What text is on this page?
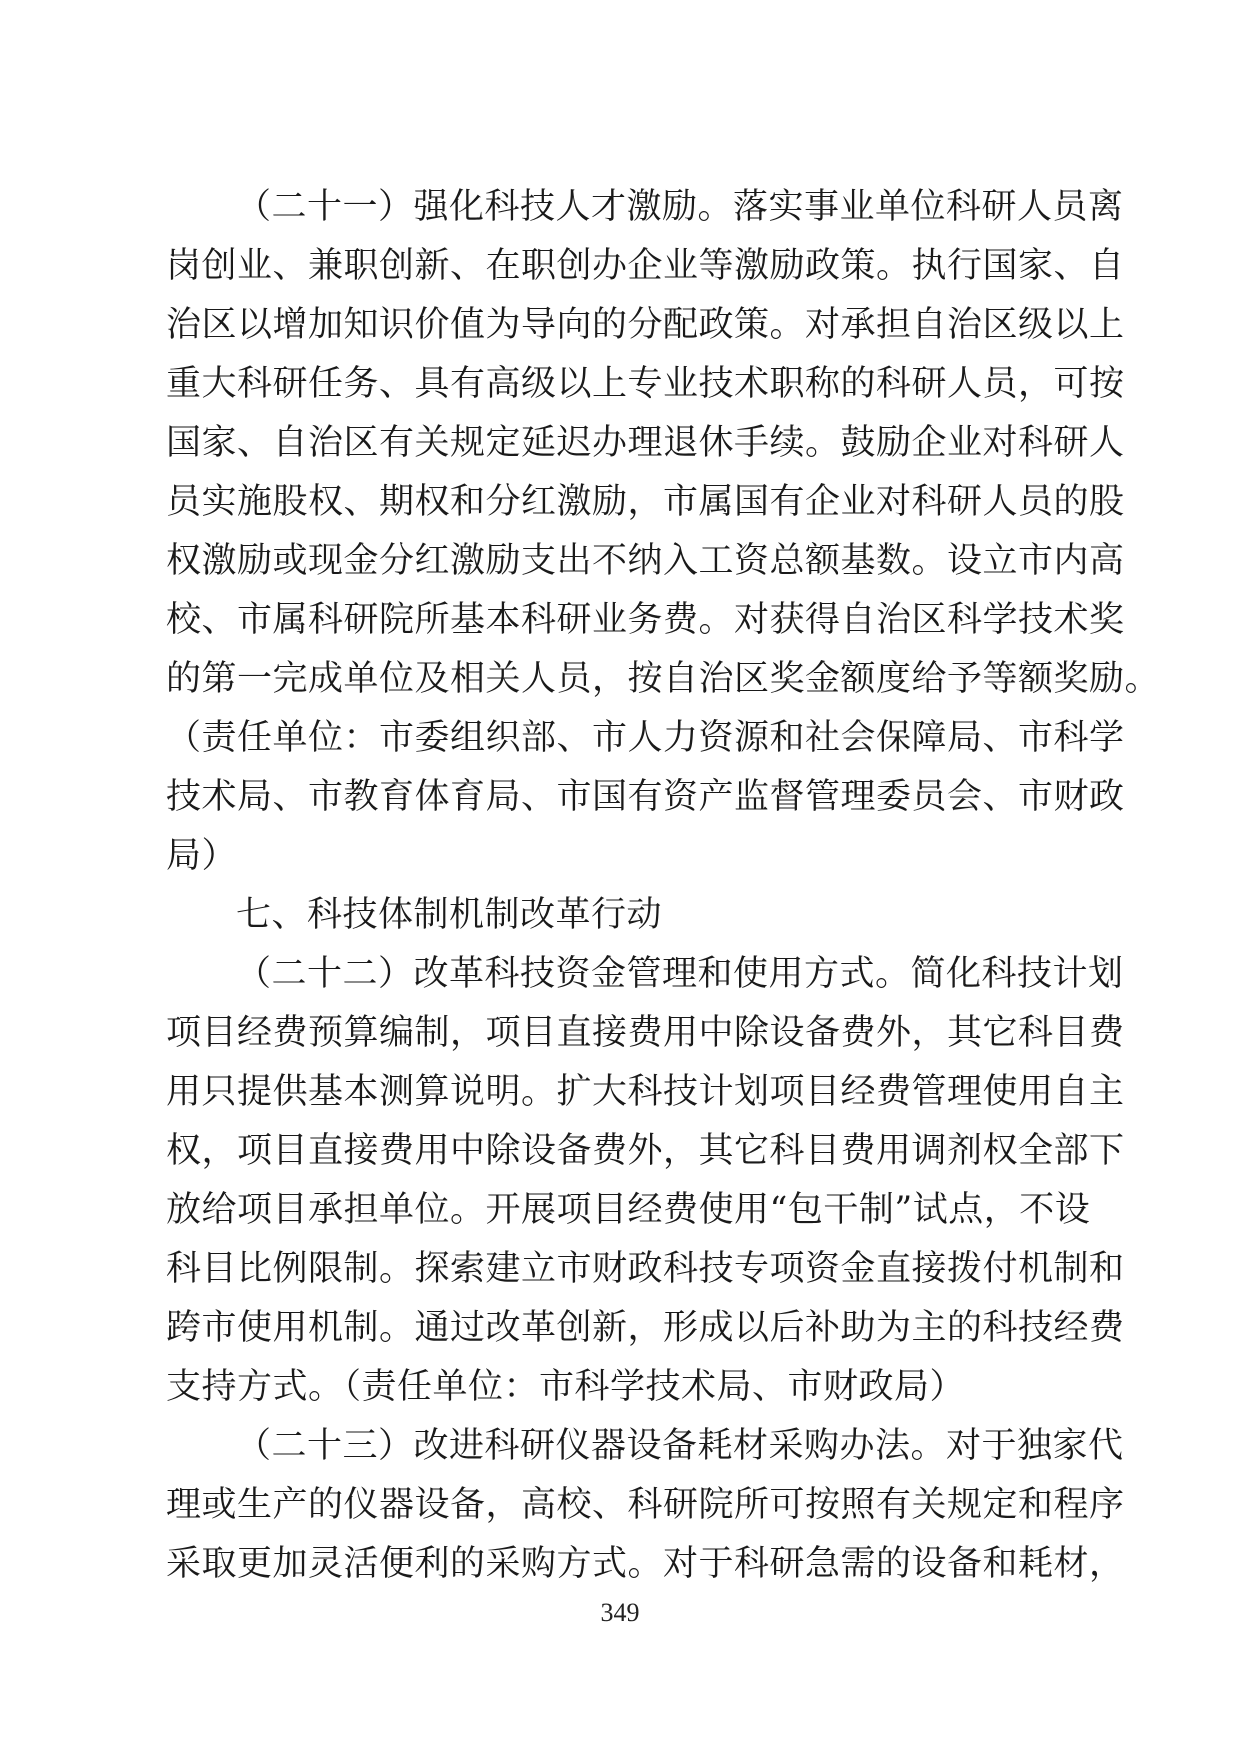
（二十一）强化科技人才激励。落实事业单位科研人员离
岗创业、兼职创新、在职创办企业等激励政策。执行国家、自
治区以增加知识价值为导向的分配政策。对承担自治区级以上
重大科研任务、具有高级以上专业技术职称的科研人员，可按
国家、自治区有关规定延迟办理退休手续。鼓励企业对科研人
员实施股权、期权和分红激励，市属国有企业对科研人员的股
权激励或现金分红激励支出不纳入工资总额基数。设立市内高
校、市属科研院所基本科研业务费。对获得自治区科学技术奖
的第一完成单位及相关人员，按自治区奖金额度给予等额奖励。
（责任单位：市委组织部、市人力资源和社会保障局、市科学
技术局、市教育体育局、市国有资产监督管理委员会、市财政
局）
七、科技体制机制改革行动
（二十二）改革科技资金管理和使用方式。简化科技计划
项目经费预算编制，项目直接费用中除设备费外，其它科目费
用只提供基本测算说明。扩大科技计划项目经费管理使用自主
权，项目直接费用中除设备费外，其它科目费用调剂权全部下
放给项目承担单位。开展项目经费使用“包干制”试点，不设
科目比例限制。探索建立市财政科技专项资金直接拨付机制和
跨市使用机制。通过改革创新，形成以后补助为主的科技经费
支持方式。（责任单位：市科学技术局、市财政局）
（二十三）改进科研仪器设备耗材采购办法。对于独家代
理或生产的仪器设备，高校、科研院所可按照有关规定和程序
采取更加灵活便利的采购方式。对于科研急需的设备和耗材，
349
